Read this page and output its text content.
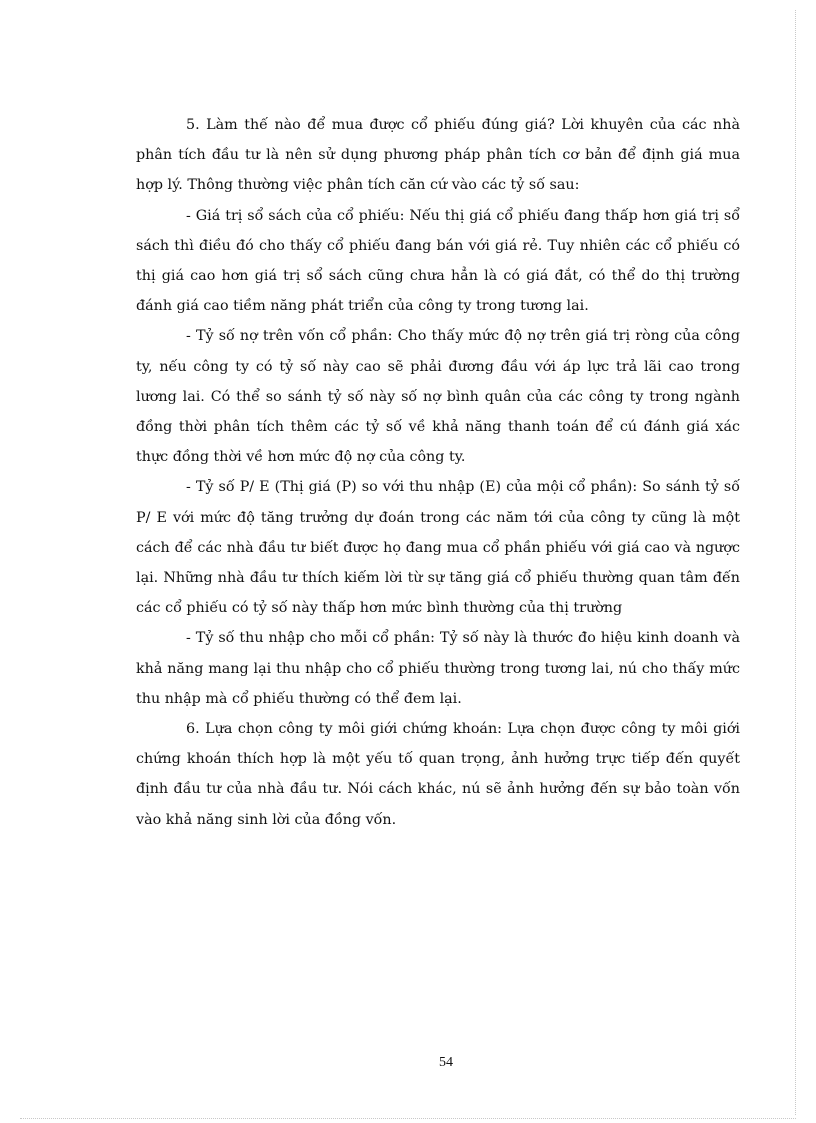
5. Làm thế nào để mua được cổ phiếu đúng giá? Lời khuyên của các nhà phân tích đầu tư là nên sử dụng phương pháp phân tích cơ bản để định giá mua hợp lý. Thông thường việc phân tích căn cứ vào các tỷ số sau:

- Giá trị sổ sách của cổ phiếu: Nếu thị giá cổ phiếu đang thấp hơn giá trị sổ sách thì điều đó cho thấy cổ phiếu đang bán với giá rẻ. Tuy nhiên các cổ phiếu có thị giá cao hơn giá trị sổ sách cũng chưa hẳn là có giá đắt, có thể do thị trường đánh giá cao tiềm năng phát triển của công ty trong tương lai.

- Tỷ số nợ trên vốn cổ phần: Cho thấy mức độ nợ trên giá trị ròng của công ty, nếu công ty có tỷ số này cao sẽ phải đương đầu với áp lực trả lãi cao trong lương lai. Có thể so sánh tỷ số này số nợ bình quân của các công ty trong ngành đồng thời phân tích thêm các tỷ số về khả năng thanh toán để cú đánh giá xác thực đồng thời về hơn mức độ nợ của công ty.

- Tỷ số P/ E (Thị giá (P) so với thu nhập (E) của mội cổ phần): So sánh tỷ số P/ E với mức độ tăng trưởng dự đoán trong các năm tới của công ty cũng là một cách để các nhà đầu tư biết được họ đang mua cổ phần phiếu với giá cao và ngược lại. Những nhà đầu tư thích kiếm lời từ sự tăng giá cổ phiếu thường quan tâm đến các cổ phiếu có tỷ số này thấp hơn mức bình thường của thị trường

- Tỷ số thu nhập cho mỗi cổ phần: Tỷ số này là thước đo hiệu kinh doanh và khả năng mang lại thu nhập cho cổ phiếu thường trong tương lai, nú cho thấy mức thu nhập mà cổ phiếu thường có thể đem lại.

6. Lựa chọn công ty môi giới chứng khoán: Lựa chọn được công ty môi giới chứng khoán thích hợp là một yếu tố quan trọng, ảnh hưởng trực tiếp đến quyết định đầu tư của nhà đầu tư. Nói cách khác, nú sẽ ảnh hưởng đến sự bảo toàn vốn vào khả năng sinh lời của đồng vốn.

54
